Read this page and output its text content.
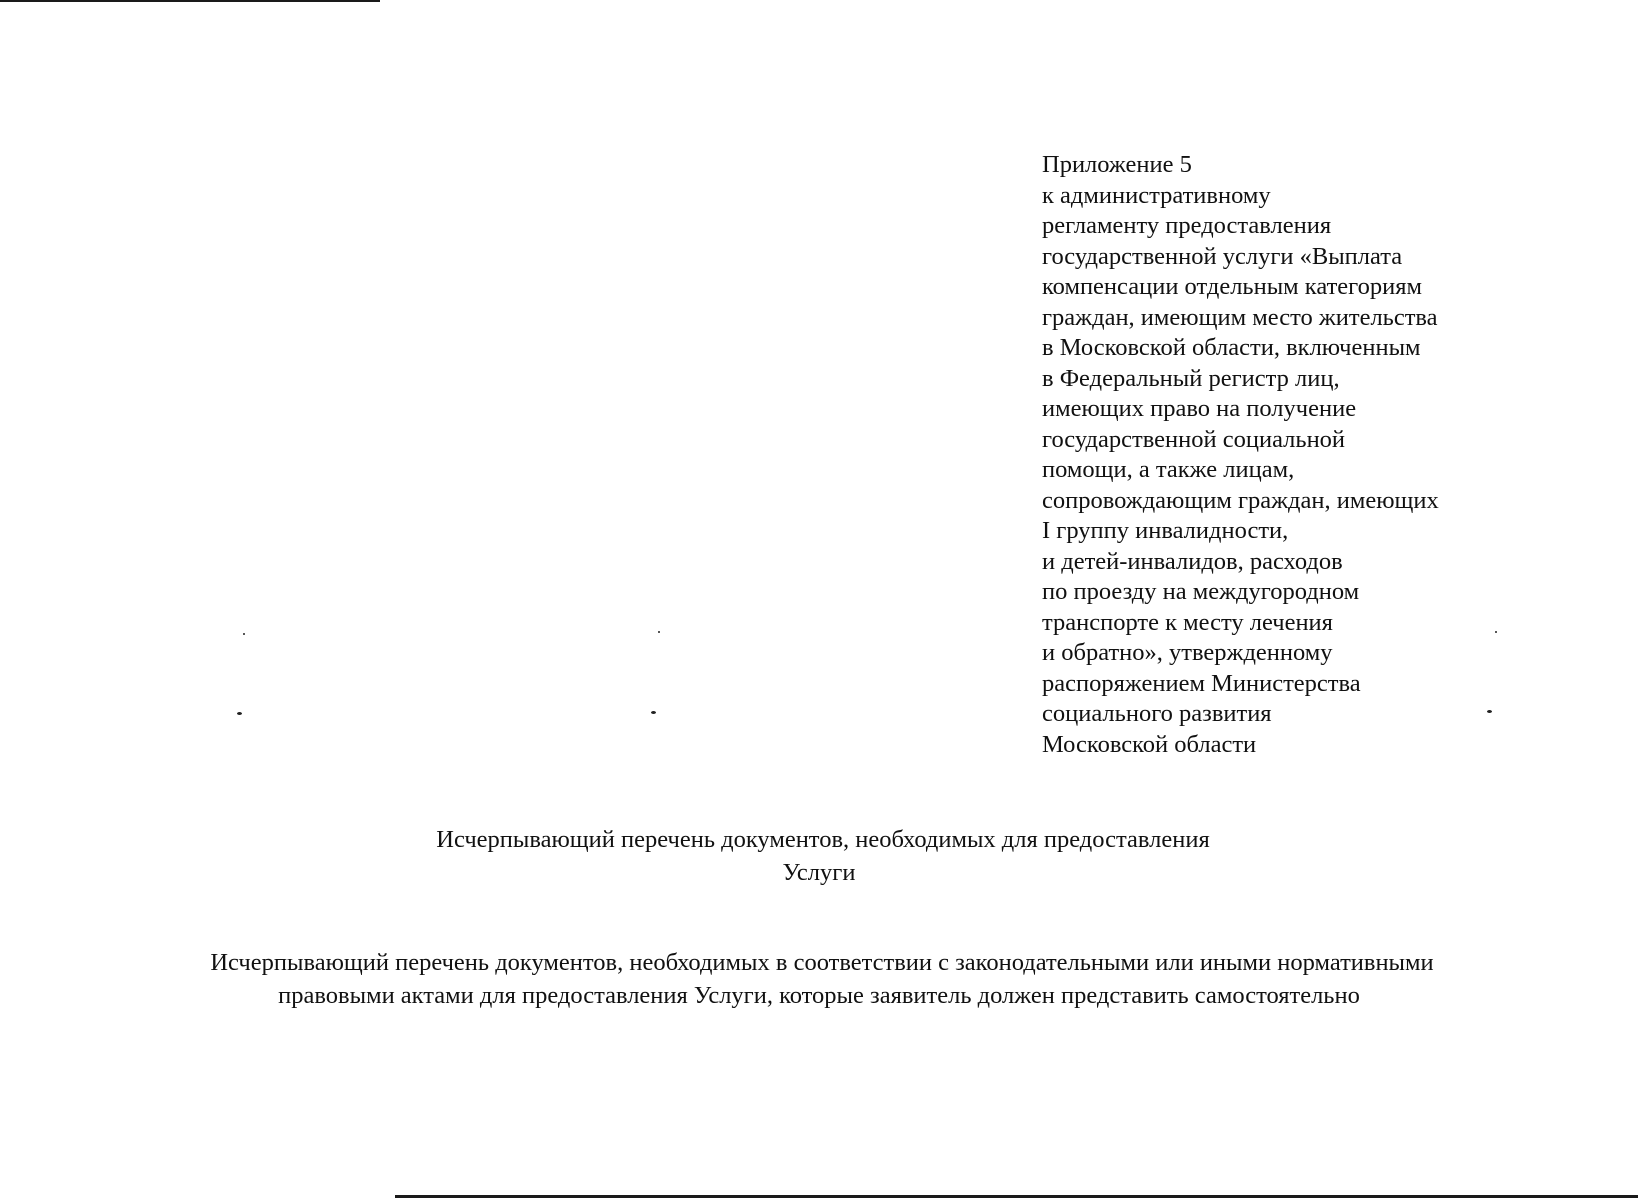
Приложение 5
к административному
регламенту предоставления
государственной услуги «Выплата
компенсации отдельным категориям
граждан, имеющим место жительства
в Московской области, включенным
в Федеральный регистр лиц,
имеющих право на получение
государственной социальной
помощи, а также лицам,
сопровождающим граждан, имеющих
I группу инвалидности,
и детей-инвалидов, расходов
по проезду на междугородном
транспорте к месту лечения
и обратно», утвержденному
распоряжением Министерства
социального развития
Московской области
Исчерпывающий перечень документов, необходимых для предоставления
Услуги
Исчерпывающий перечень документов, необходимых в соответствии с законодательными или иными нормативными
правовыми актами для предоставления Услуги, которые заявитель должен представить самостоятельно
